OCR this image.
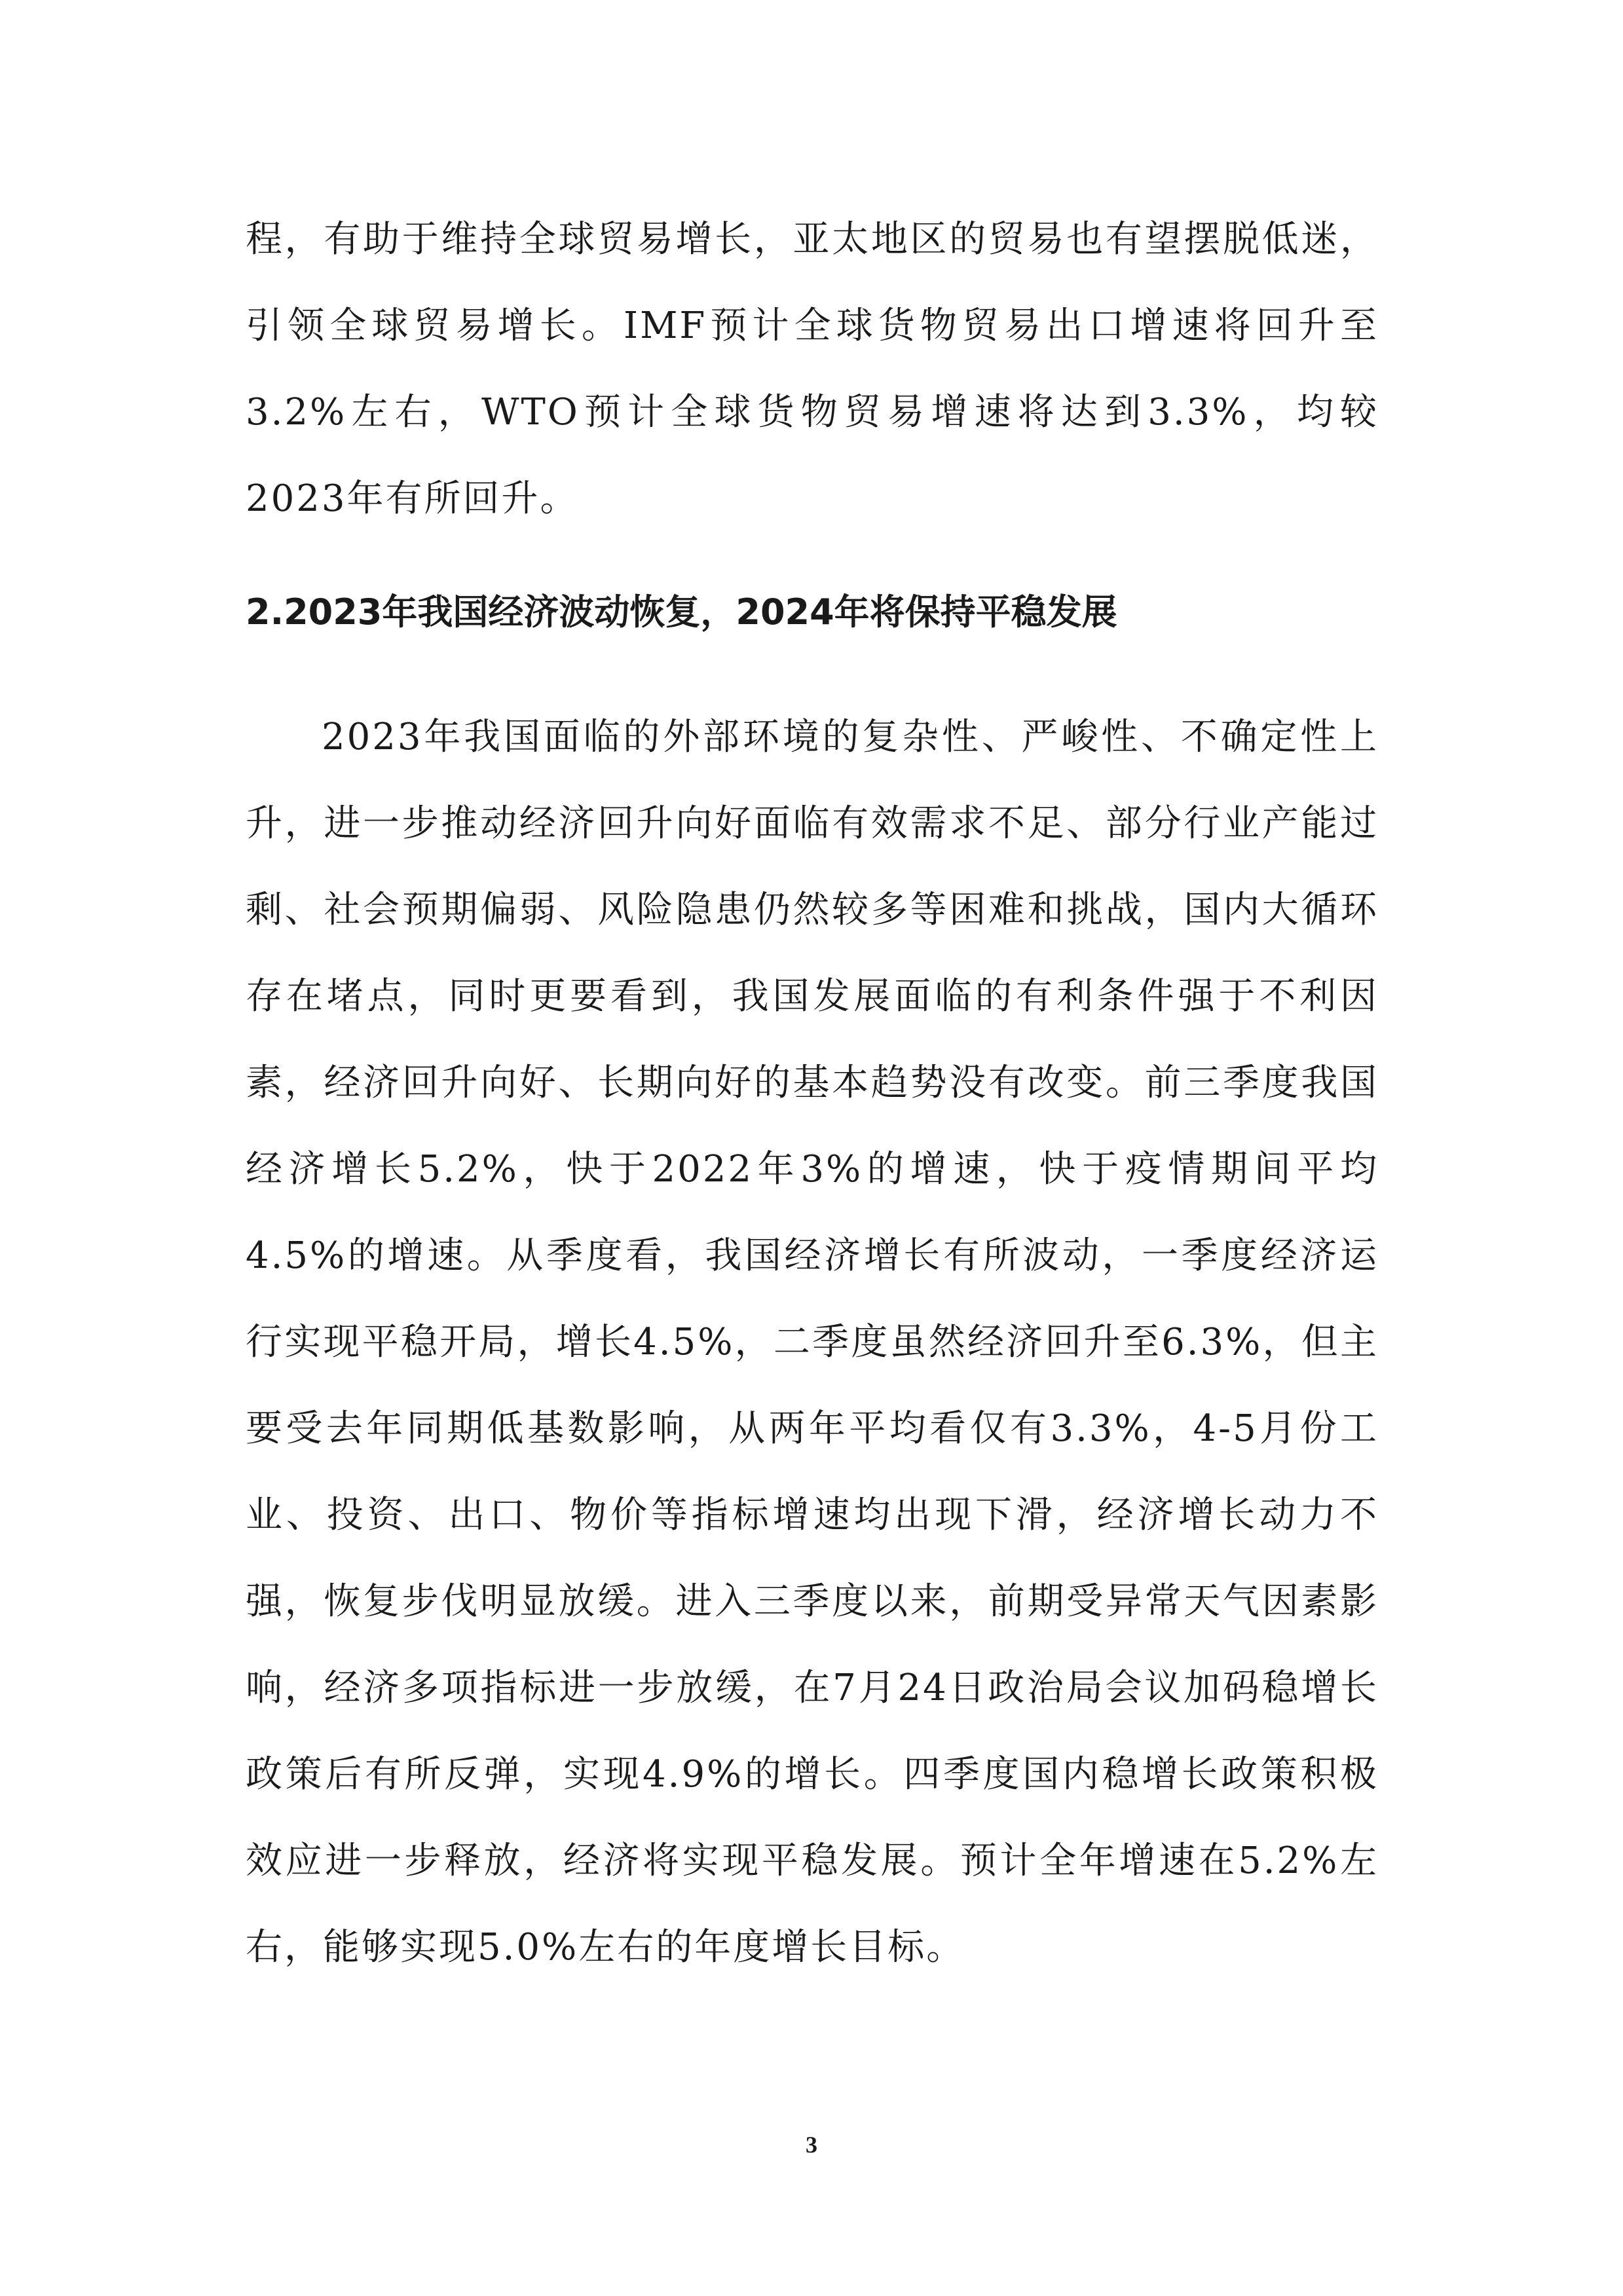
程，有助于维持全球贸易增长，亚太地区的贸易也有望摆脱低迷，引领全球贸易增长。IMF预计全球货物贸易出口增速将回升至3.2%左右，WTO预计全球货物贸易增速将达到3.3%，均较2023年有所回升。

2.2023年我国经济波动恢复，2024年将保持平稳发展

2023年我国面临的外部环境的复杂性、严峻性、不确定性上升，进一步推动经济回升向好面临有效需求不足、部分行业产能过剩、社会预期偏弱、风险隐患仍然较多等困难和挑战，国内大循环存在堵点，同时更要看到，我国发展面临的有利条件强于不利因素，经济回升向好、长期向好的基本趋势没有改变。前三季度我国经济增长5.2%，快于2022年3%的增速，快于疫情期间平均4.5%的增速。从季度看，我国经济增长有所波动，一季度经济运行实现平稳开局，增长4.5%，二季度虽然经济回升至6.3%，但主要受去年同期低基数影响，从两年平均看仅有3.3%，4-5月份工业、投资、出口、物价等指标增速均出现下滑，经济增长动力不强，恢复步伐明显放缓。进入三季度以来，前期受异常天气因素影响，经济多项指标进一步放缓，在7月24日政治局会议加码稳增长政策后有所反弹，实现4.9%的增长。四季度国内稳增长政策积极效应进一步释放，经济将实现平稳发展。预计全年增速在5.2%左右，能够实现5.0%左右的年度增长目标。

3
